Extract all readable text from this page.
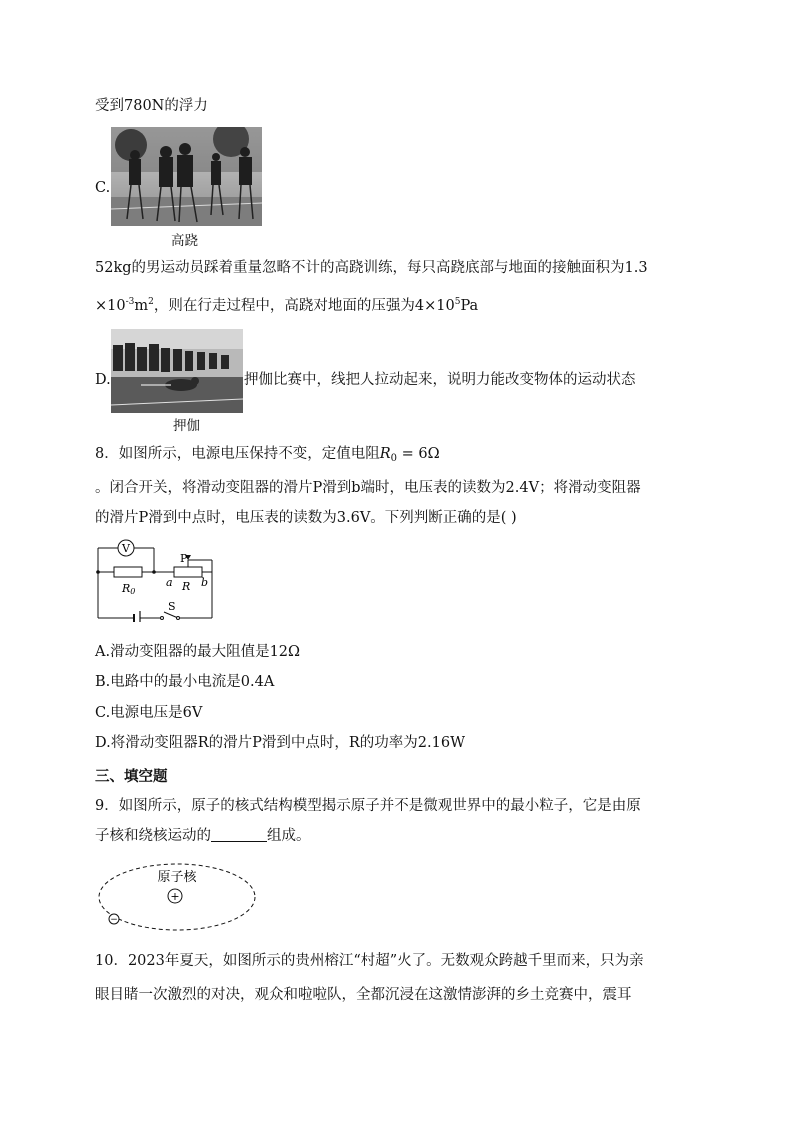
受到780N的浮力
C.
高跷
52kg的男运动员踩着重量忽略不计的高跷训练，每只高跷底部与地面的接触面积为1.3
$\times 10^{-3}m^2$，则在行走过程中，高跷对地面的压强为$4\times 10^5Pa$
D.
押伽
押伽比赛中，线把人拉动起来，说明力能改变物体的运动状态
8．如图所示，电源电压保持不变，定值电阻$R_0 = 6\Omega$
。闭合开关，将滑动变阻器的滑片P滑到b端时，电压表的读数为2.4V；将滑动变阻器
的滑片P滑到中点时，电压表的读数为3.6V。下列判断正确的是( )
V
R0
P
a R b
S
A.滑动变阻器的最大阻值是12Ω
B.电路中的最小电流是0.4A
C.电源电压是6V
D.将滑动变阻器R的滑片P滑到中点时，R的功率为2.16W
三、填空题
9．如图所示，原子的核式结构模型揭示原子并不是微观世界中的最小粒子，它是由原
子核和绕核运动的	组成。
原子核
+
−
10．2023年夏天，如图所示的贵州榕江“村超”火了。无数观众跨越千里而来，只为亲
眼目睹一次激烈的对决，观众和啦啦队，全都沉浸在这激情澎湃的乡土竞赛中，震耳
